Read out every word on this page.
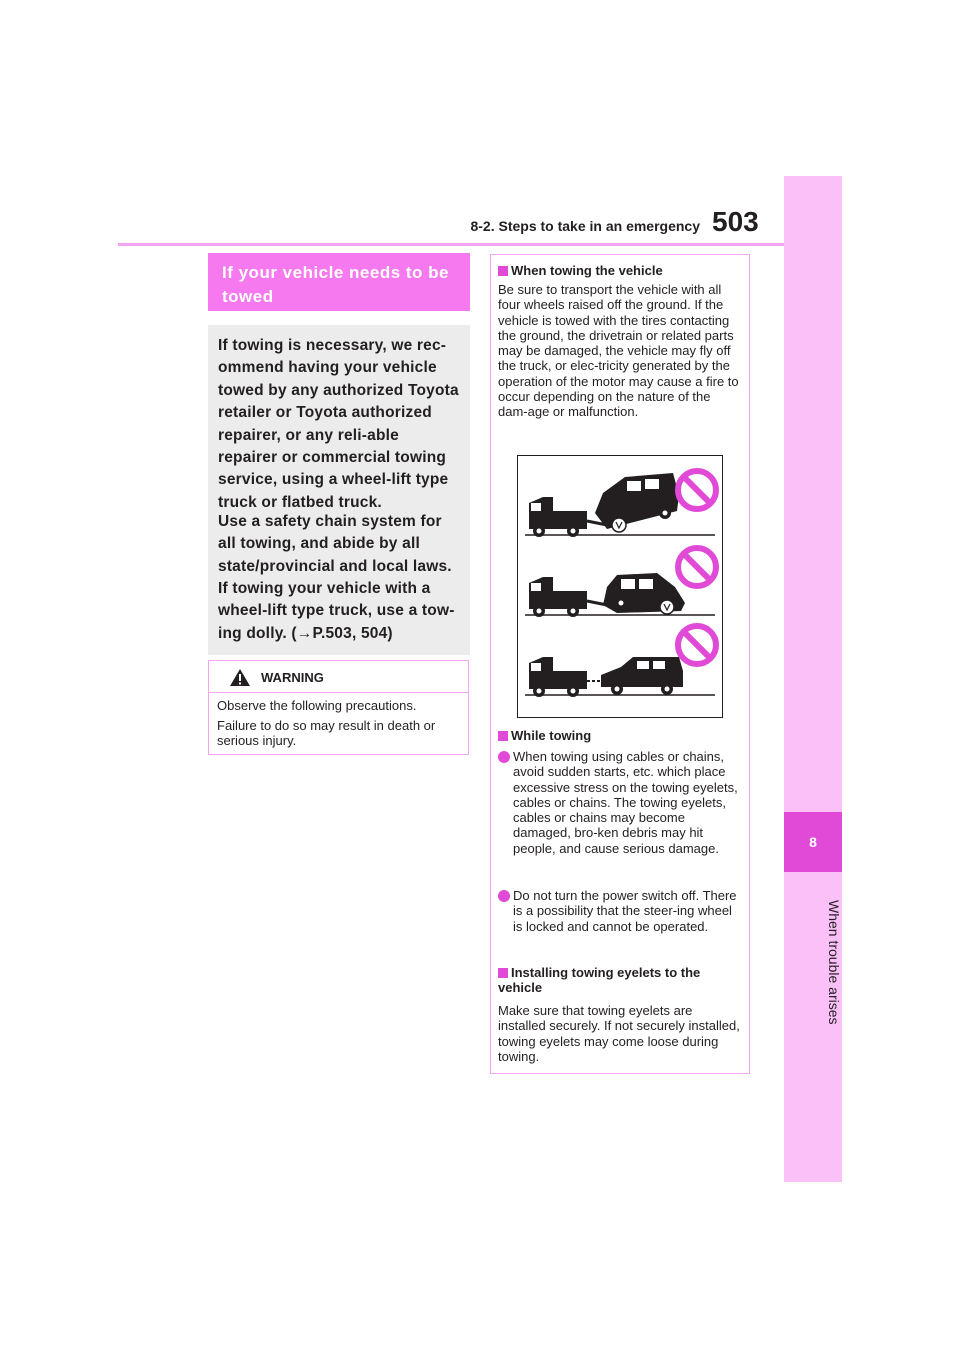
8-2. Steps to take in an emergency 503
8
When trouble arises
If your vehicle needs to be towed

If towing is necessary, we rec-ommend having your vehicle towed by any authorized Toyota retailer or Toyota authorized repairer, or any reli-able repairer or commercial towing service, using a wheel-lift type truck or flatbed truck.

Use a safety chain system for all towing, and abide by all state/provincial and local laws.

If towing your vehicle with a wheel-lift type truck, use a tow-ing dolly. (→P.503, 504)

WARNING

Observe the following precautions.

Failure to do so may result in death or serious injury.

When towing the vehicle

Be sure to transport the vehicle with all four wheels raised off the ground. If the vehicle is towed with the tires contacting the ground, the drivetrain or related parts may be damaged, the vehicle may fly off the truck, or elec-tricity generated by the operation of the motor may cause a fire to occur depending on the nature of the dam-age or malfunction.

While towing

When towing using cables or chains, avoid sudden starts, etc. which place excessive stress on the towing eyelets, cables or chains. The towing eyelets, cables or chains may become damaged, bro-ken debris may hit people, and cause serious damage.

Do not turn the power switch off. There is a possibility that the steer-ing wheel is locked and cannot be operated.

Installing towing eyelets to the vehicle

Make sure that towing eyelets are installed securely. If not securely installed, towing eyelets may come loose during towing.
